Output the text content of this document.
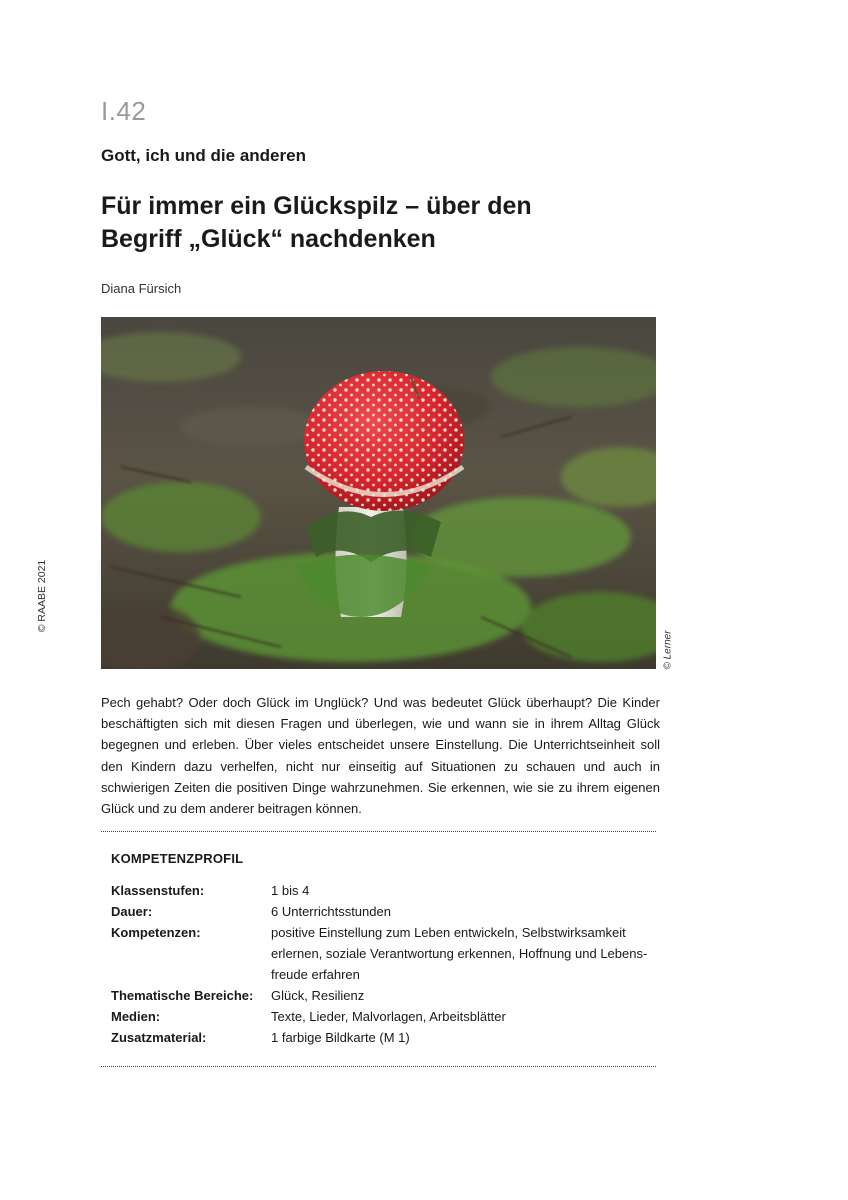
I.42
Gott, ich und die anderen
Für immer ein Glückspilz – über den
Begriff „Glück“ nachdenken
Diana Fürsich
© RAABE 2021
© Lerner

Pech gehabt? Oder doch Glück im Unglück? Und was bedeutet Glück überhaupt? Die Kinder beschäftigten sich mit diesen Fragen und überlegen, wie und wann sie in ihrem Alltag Glück begegnen und erleben. Über vieles entscheidet unsere Einstellung. Die Unterrichtseinheit soll den Kindern dazu verhelfen, nicht nur einseitig auf Situationen zu schauen und auch in schwierigen Zeiten die positiven Dinge wahrzunehmen. Sie erkennen, wie sie zu ihrem eigenen Glück und zu dem anderer beitragen können.

KOMPETENZPROFIL
Klassenstufen:	1 bis 4
Dauer:	6 Unterrichtsstunden
Kompetenzen:	positive Einstellung zum Leben entwickeln, Selbstwirksamkeit erlernen, soziale Verantwortung erkennen, Hoffnung und Lebensfreude erfahren
Thematische Bereiche:	Glück, Resilienz
Medien:	Texte, Lieder, Malvorlagen, Arbeitsblätter
Zusatzmaterial:	1 farbige Bildkarte (M 1)
